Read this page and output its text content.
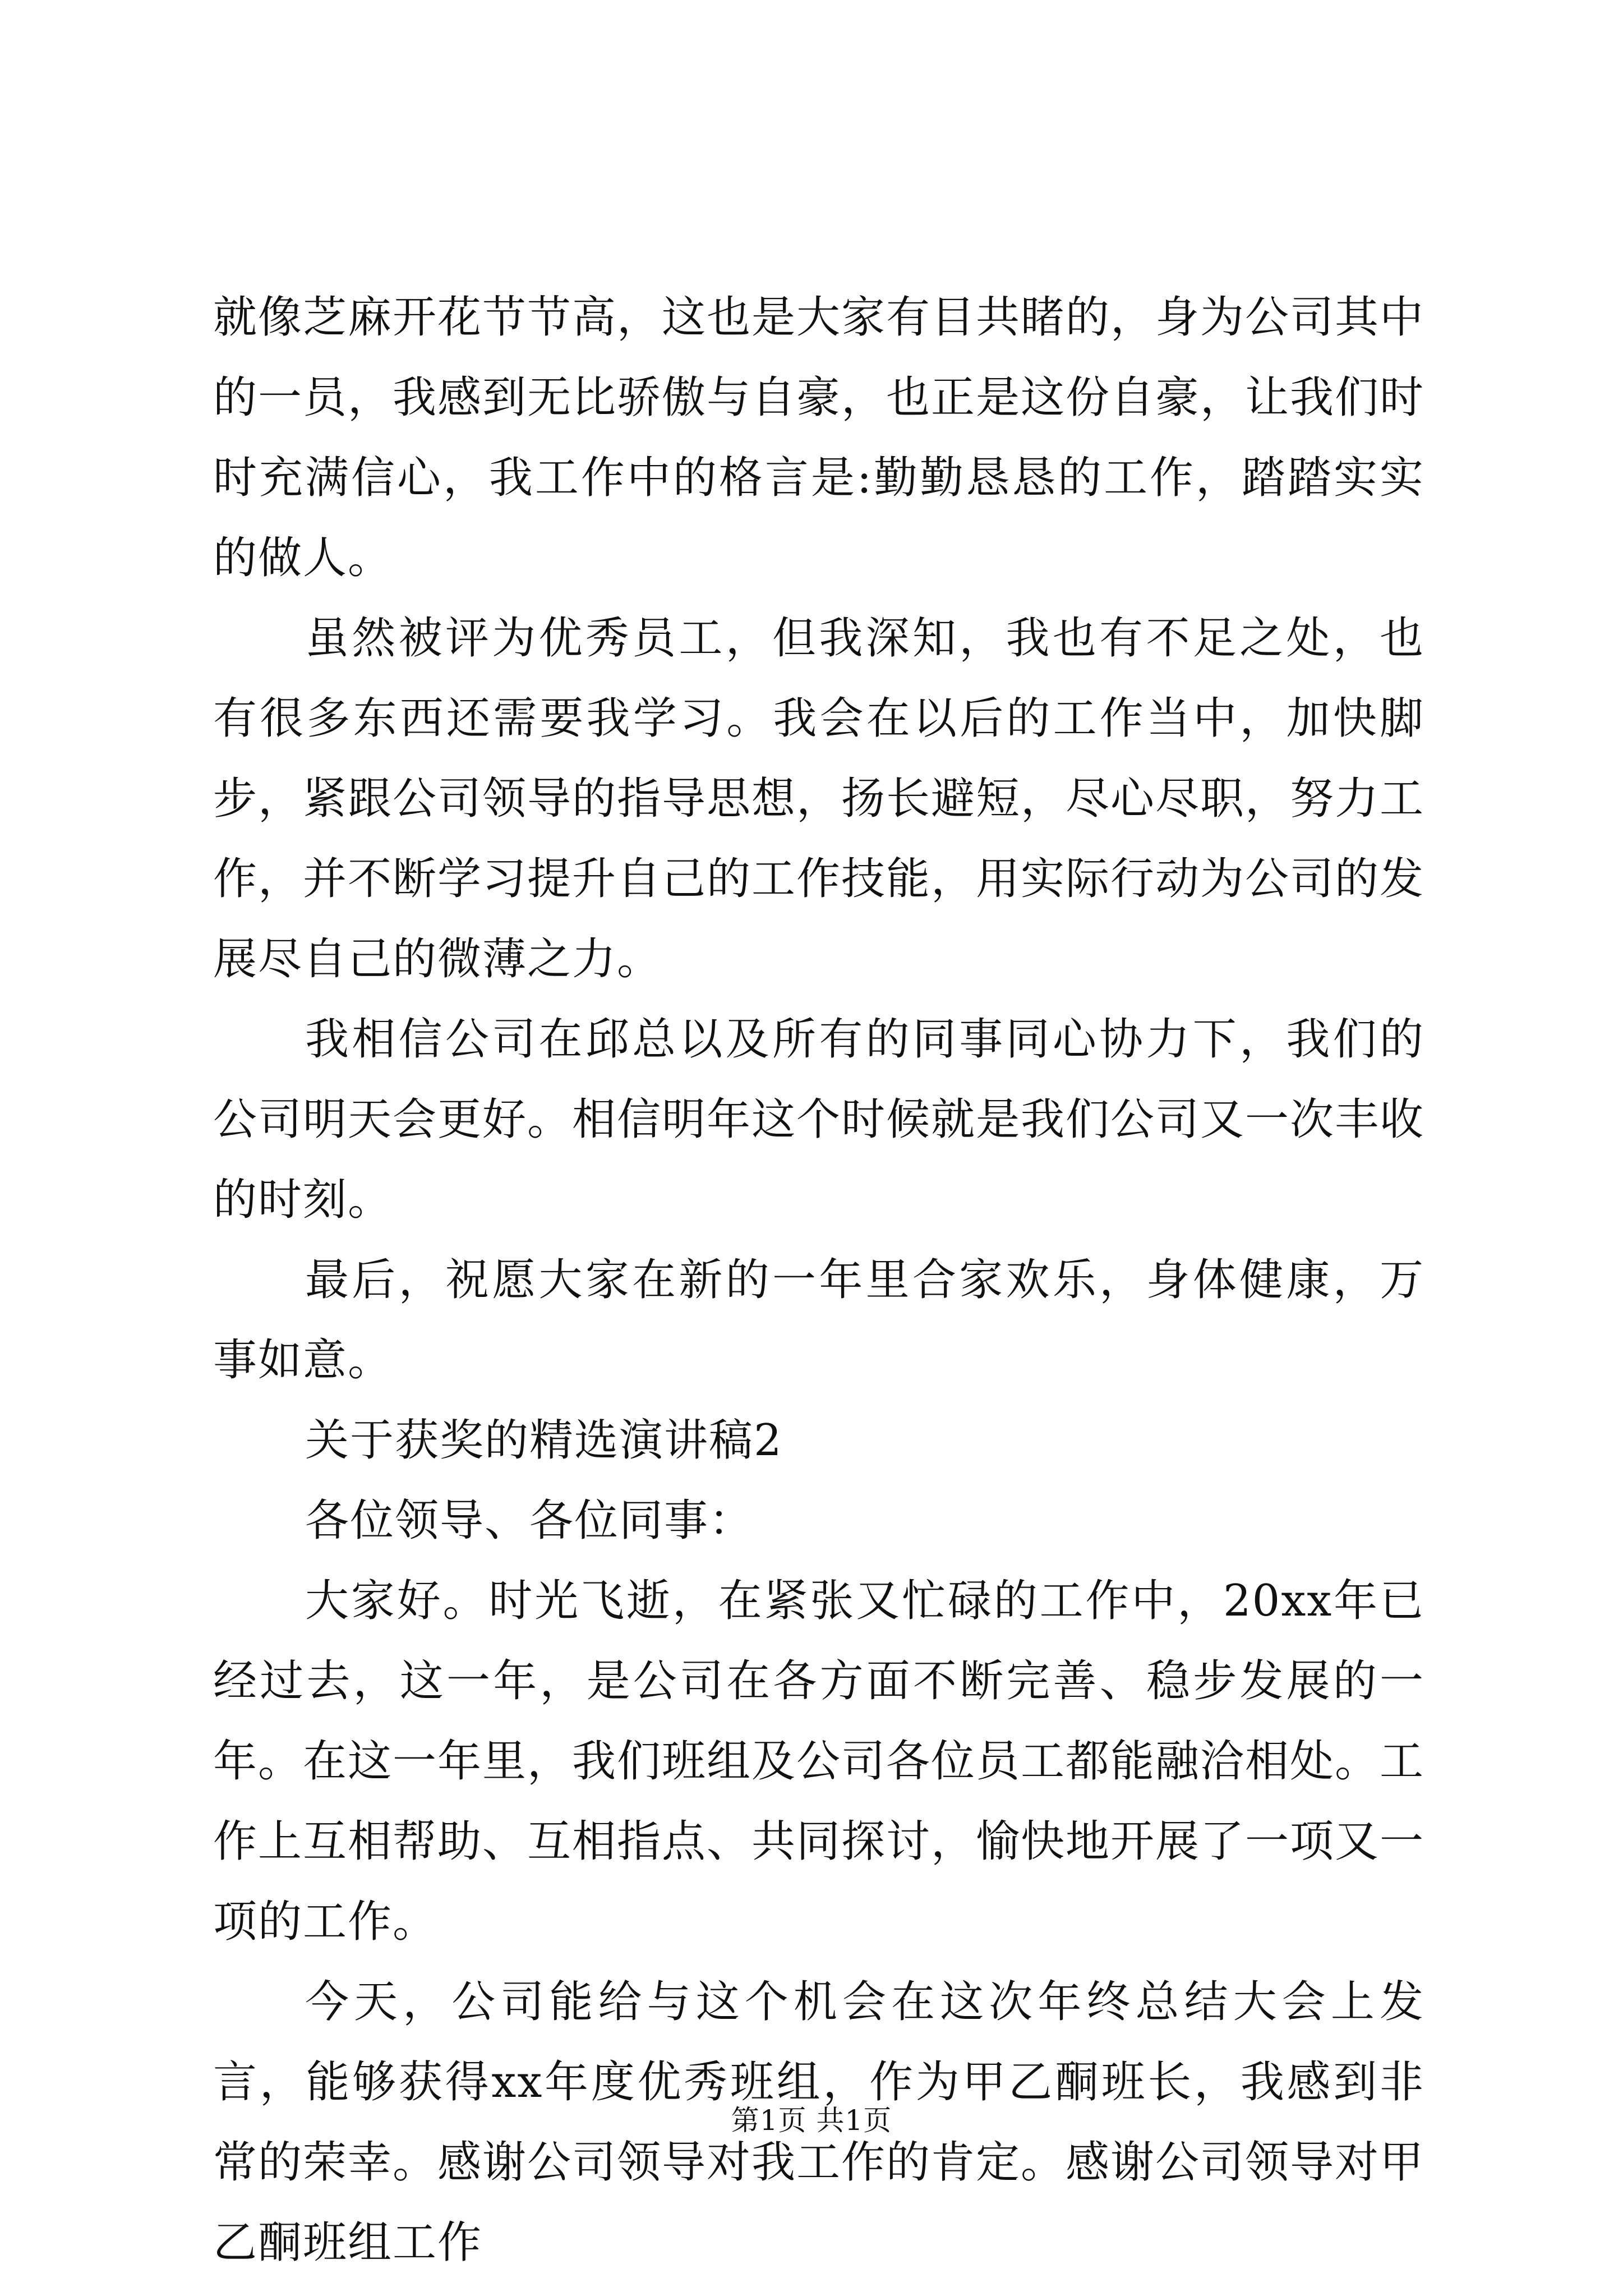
就像芝麻开花节节高，这也是大家有目共睹的，身为公司其中的一员，我感到无比骄傲与自豪，也正是这份自豪，让我们时时充满信心，我工作中的格言是:勤勤恳恳的工作，踏踏实实的做人。

虽然被评为优秀员工，但我深知，我也有不足之处，也有很多东西还需要我学习。我会在以后的工作当中，加快脚步，紧跟公司领导的指导思想，扬长避短，尽心尽职，努力工作，并不断学习提升自己的工作技能，用实际行动为公司的发展尽自己的微薄之力。

我相信公司在邱总以及所有的同事同心协力下，我们的公司明天会更好。相信明年这个时候就是我们公司又一次丰收的时刻。

最后，祝愿大家在新的一年里合家欢乐，身体健康，万事如意。

关于获奖的精选演讲稿2

各位领导、各位同事：

大家好。时光飞逝，在紧张又忙碌的工作中，20xx年已经过去，这一年，是公司在各方面不断完善、稳步发展的一年。在这一年里，我们班组及公司各位员工都能融洽相处。工作上互相帮助、互相指点、共同探讨，愉快地开展了一项又一项的工作。

今天，公司能给与这个机会在这次年终总结大会上发言，能够获得xx年度优秀班组，作为甲乙酮班长，我感到非常的荣幸。感谢公司领导对我工作的肯定。感谢公司领导对甲乙酮班组工作

第1页 共1页
